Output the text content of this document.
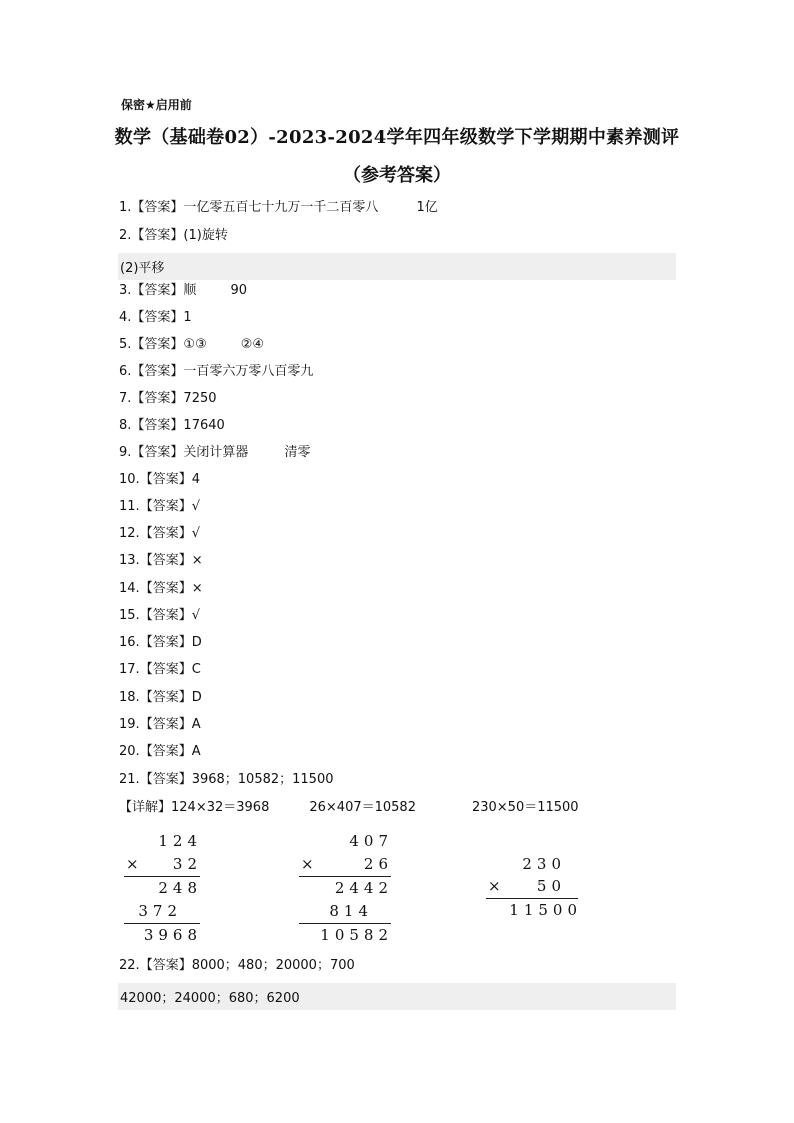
保密★启用前
数学（基础卷02）-2023-2024学年四年级数学下学期期中素养测评
（参考答案）
1.【答案】一亿零五百七十九万一千二百零八	1亿
2.【答案】(1)旋转
(2)平移
3.【答案】顺	90
4.【答案】1
5.【答案】①③	②④
6.【答案】一百零六万零八百零九
7.【答案】7250
8.【答案】17640
9.【答案】关闭计算器	清零
10.【答案】4
11.【答案】√
12.【答案】√
13.【答案】×
14.【答案】×
15.【答案】√
16.【答案】D
17.【答案】C
18.【答案】D
19.【答案】A
20.【答案】A
21.【答案】3968；10582；11500
【详解】124×32＝3968	26×407＝10582	230×50＝11500
124
× 32
248
372
3968
407
×	26
2442
814
10582
230
× 50
11500
22.【答案】8000；480；20000；700
42000；24000；680；6200
